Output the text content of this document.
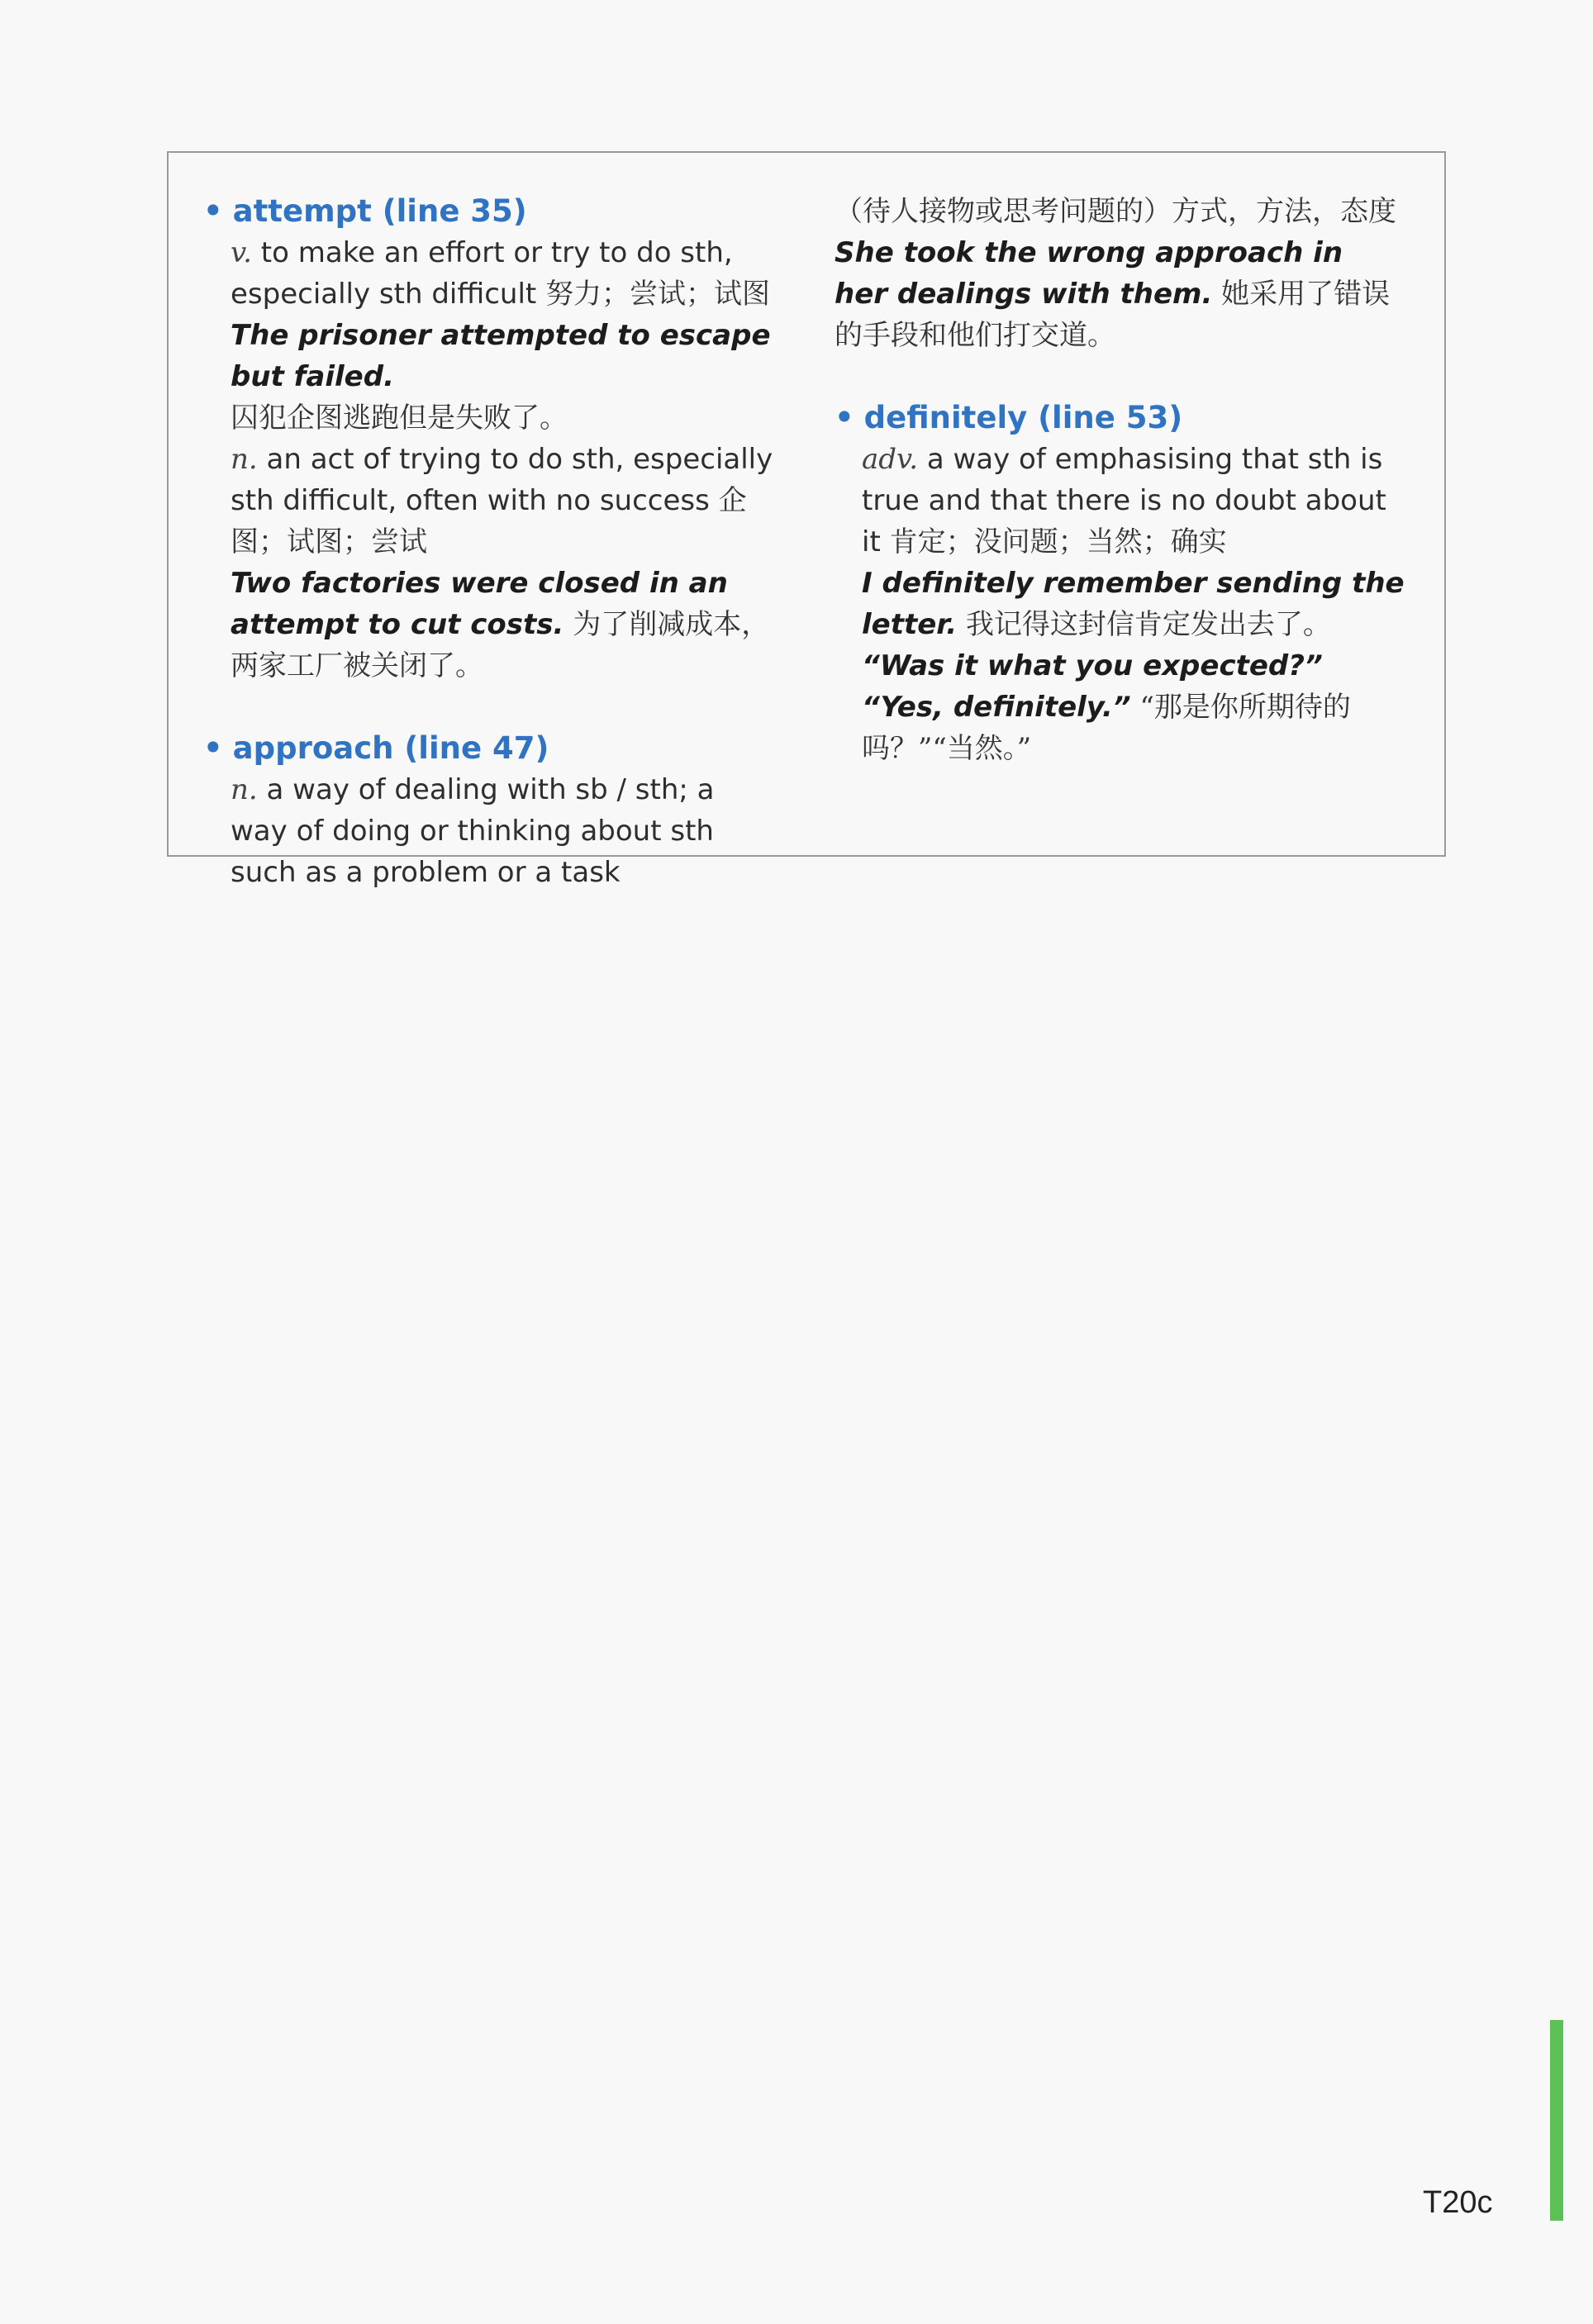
• attempt (line 35)
v. to make an effort or try to do sth, especially sth difficult 努力；尝试；试图
The prisoner attempted to escape but failed.
囚犯企图逃跑但是失败了。
n. an act of trying to do sth, especially sth difficult, often with no success 企图；试图；尝试
Two factories were closed in an attempt to cut costs. 为了削减成本，两家工厂被关闭了。
• approach (line 47)
n. a way of dealing with sb / sth; a way of doing or thinking about sth such as a problem or a task
（待人接物或思考问题的）方式，方法，态度
She took the wrong approach in her dealings with them. 她采用了错误的手段和他们打交道。
• definitely (line 53)
adv. a way of emphasising that sth is true and that there is no doubt about it 肯定；没问题；当然；确实
I definitely remember sending the letter. 我记得这封信肯定发出去了。
“Was it what you expected?” “Yes, definitely.” “那是你所期待的吗？”“当然。”
T20c
